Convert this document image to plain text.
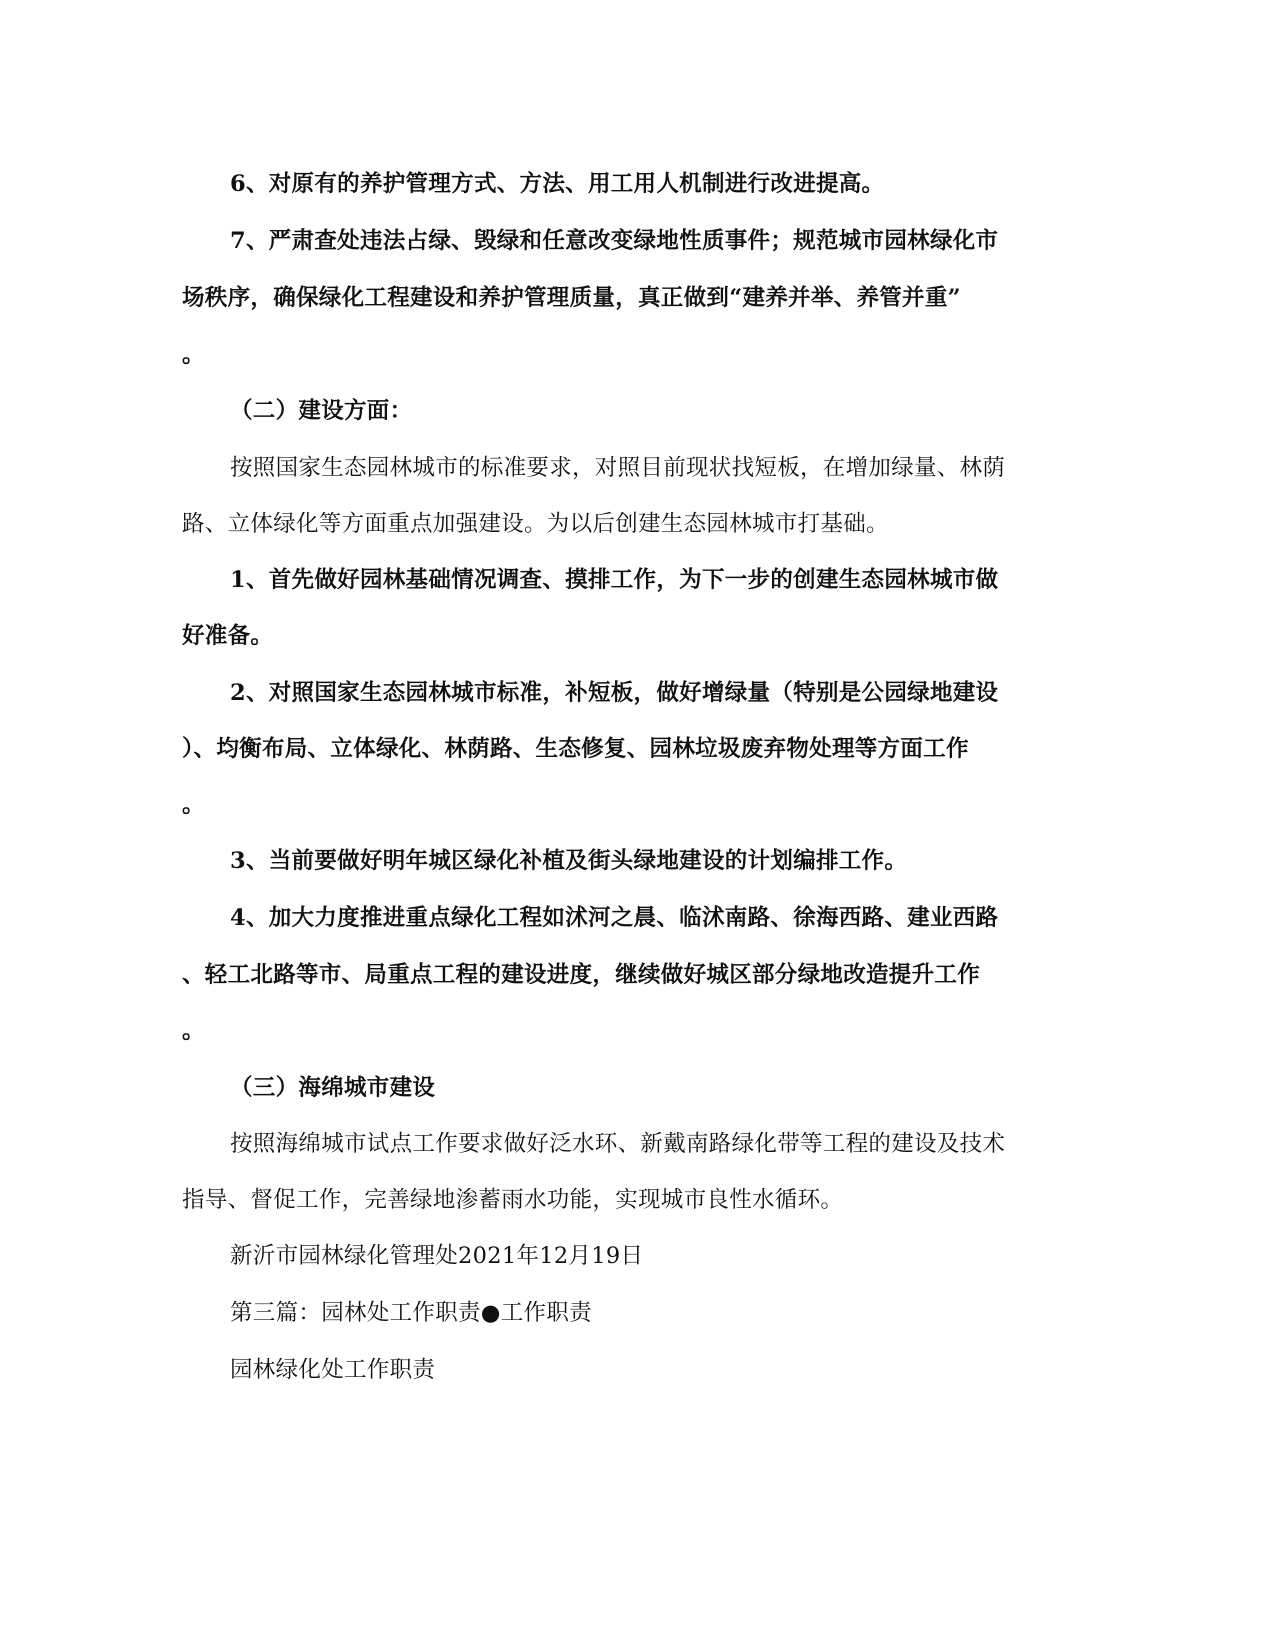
6、对原有的养护管理方式、方法、用工用人机制进行改进提高。
7、严肃查处违法占绿、毁绿和任意改变绿地性质事件；规范城市园林绿化市
场秩序，确保绿化工程建设和养护管理质量，真正做到“建养并举、养管并重”
。
（二）建设方面：
按照国家生态园林城市的标准要求，对照目前现状找短板，在增加绿量、林荫
路、立体绿化等方面重点加强建设。为以后创建生态园林城市打基础。
1、首先做好园林基础情况调查、摸排工作，为下一步的创建生态园林城市做
好准备。
2、对照国家生态园林城市标准，补短板，做好增绿量（特别是公园绿地建设
）、均衡布局、立体绿化、林荫路、生态修复、园林垃圾废弃物处理等方面工作
。
3、当前要做好明年城区绿化补植及街头绿地建设的计划编排工作。
4、加大力度推进重点绿化工程如沭河之晨、临沭南路、徐海西路、建业西路
、轻工北路等市、局重点工程的建设进度，继续做好城区部分绿地改造提升工作
。
（三）海绵城市建设
按照海绵城市试点工作要求做好泛水环、新戴南路绿化带等工程的建设及技术
指导、督促工作，完善绿地渗蓄雨水功能，实现城市良性水循环。
新沂市园林绿化管理处2021年12月19日
第三篇：园林处工作职责●工作职责
园林绿化处工作职责
